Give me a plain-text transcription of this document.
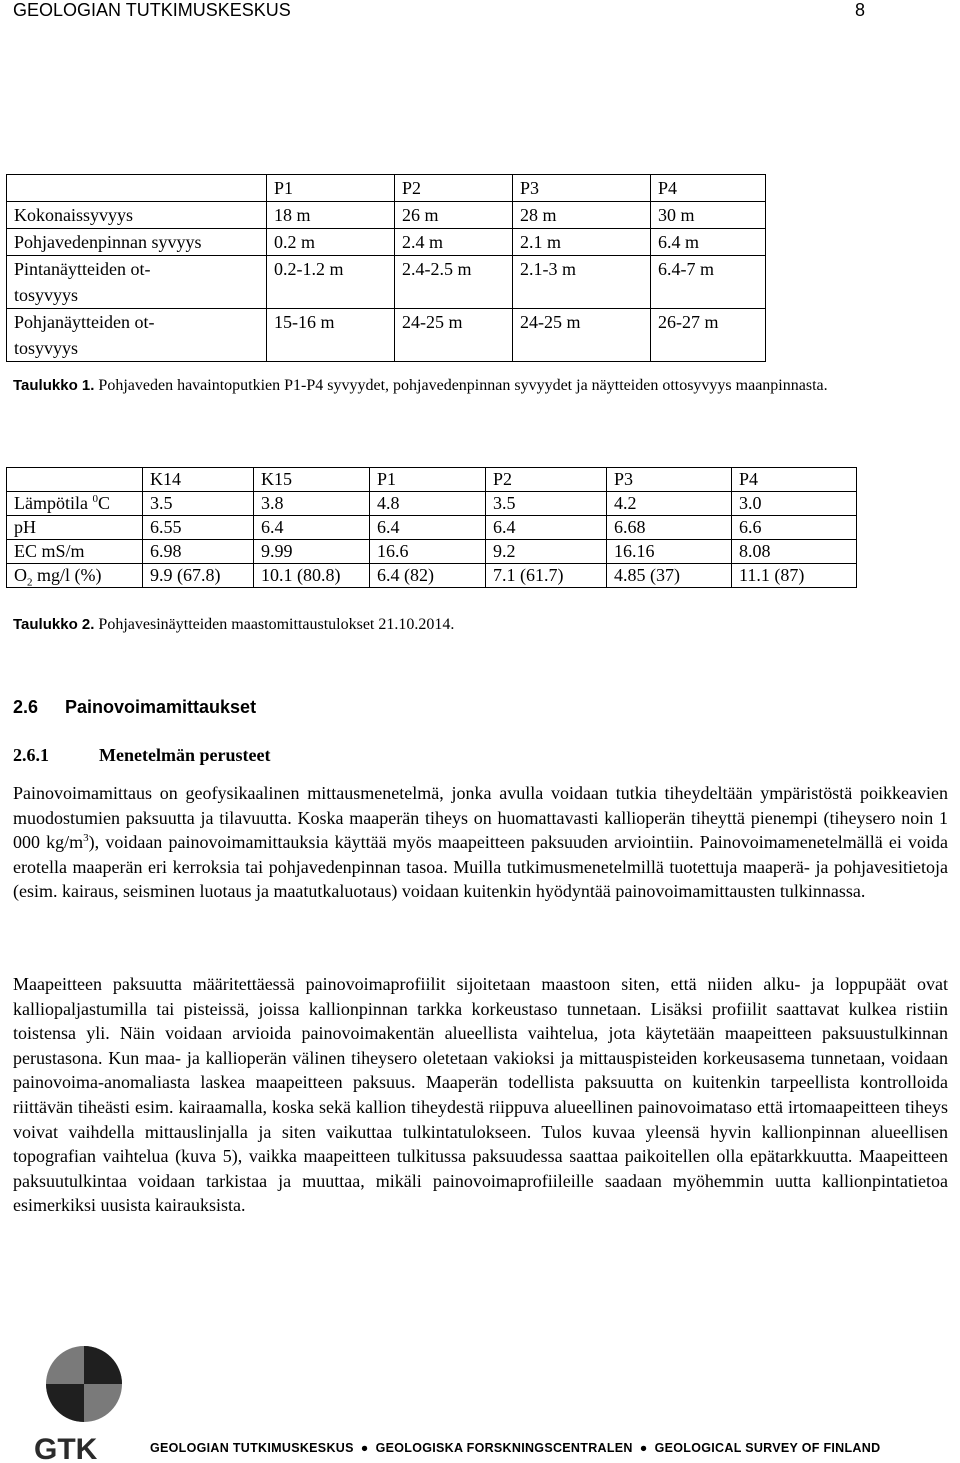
GEOLOGIAN TUTKIMUSKESKUS	8
	P1	P2	P3	P4
Kokonaissyvyys	18 m	26 m	28 m	30 m
Pohjavedenpinnan syvyys	0.2 m	2.4 m	2.1 m	6.4 m
Pintanäytteiden ot-
tosyvyys	0.2-1.2 m	2.4-2.5 m	2.1-3 m	6.4-7 m
Pohjanäytteiden ot-
tosyvyys	15-16 m	24-25 m	24-25 m	26-27 m
Taulukko 1. Pohjaveden havaintoputkien P1-P4 syvyydet, pohjavedenpinnan syvyydet ja näytteiden ottosyvyys maanpinnasta.
	K14	K15	P1	P2	P3	P4
Lämpötila $^0$C	3.5	3.8	4.8	3.5	4.2	3.0
pH	6.55	6.4	6.4	6.4	6.68	6.6
EC mS/m	6.98	9.99	16.6	9.2	16.16	8.08
$O_2$ mg/l (%)	9.9 (67.8)	10.1 (80.8)	6.4 (82)	7.1 (61.7)	4.85 (37)	11.1 (87)
Taulukko 2. Pohjavesinäytteiden maastomittaustulokset 21.10.2014.
2.6 Painovoimamittaukset
2.6.1	Menetelmän perusteet
Painovoimamittaus on geofysikaalinen mittausmenetelmä, jonka avulla voidaan tutkia tiheydeltään ympäristöstä poikkeavien muodostumien paksuutta ja tilavuutta. Koska maaperän tiheys on huomattavasti kallioperän tiheyttä pienempi (tiheysero noin 1 000 $kg/m^3$), voidaan painovoimamittauksia käyttää myös maapeitteen paksuuden arviointiin. Painovoimamenetelmällä ei voida erotella maaperän eri kerroksia tai pohjavedenpinnan tasoa. Muilla tutkimusmenetelmillä tuotettuja maaperä- ja pohjavesitietoja (esim. kairaus, seisminen luotaus ja maatutkaluotaus) voidaan kuitenkin hyödyntää painovoimamittausten tulkinnassa.
Maapeitteen paksuutta määritettäessä painovoimaprofiilit sijoitetaan maastoon siten, että niiden alku- ja loppupäät ovat kalliopaljastumilla tai pisteissä, joissa kallionpinnan tarkka korkeustaso tunnetaan. Lisäksi profiilit saattavat kulkea ristiin toistensa yli. Näin voidaan arvioida painovoimakentän alueellista vaihtelua, jota käytetään maapeitteen paksuustulkinnan perustasona. Kun maa- ja kallioperän välinen tiheysero oletetaan vakioksi ja mittauspisteiden korkeusasema tunnetaan, voidaan painovoima-anomaliasta laskea maapeitteen paksuus. Maaperän todellista paksuutta on kuitenkin tarpeellista kontrolloida riittävän tiheästi esim. kairaamalla, koska sekä kallion tiheydestä riippuva alueellinen painovoimataso että irtomaapeitteen tiheys voivat vaihdella mittauslinjalla ja siten vaikuttaa tulkintatulokseen. Tulos kuvaa yleensä hyvin kallionpinnan alueellisen topografian vaihtelua (kuva 5), vaikka maapeitteen tulkitussa paksuudessa saattaa paikoitellen olla epätarkkuutta. Maapeitteen paksuutulkintaa voidaan tarkistaa ja muuttaa, mikäli painovoimaprofiileille saadaan myöhemmin uutta kallionpintatietoa esimerkiksi uusista kairauksista.
GTK	GEOLOGIAN TUTKIMUSKESKUS ● GEOLOGISKA FORSKNINGSCENTRALEN ● GEOLOGICAL SURVEY OF FINLAND
